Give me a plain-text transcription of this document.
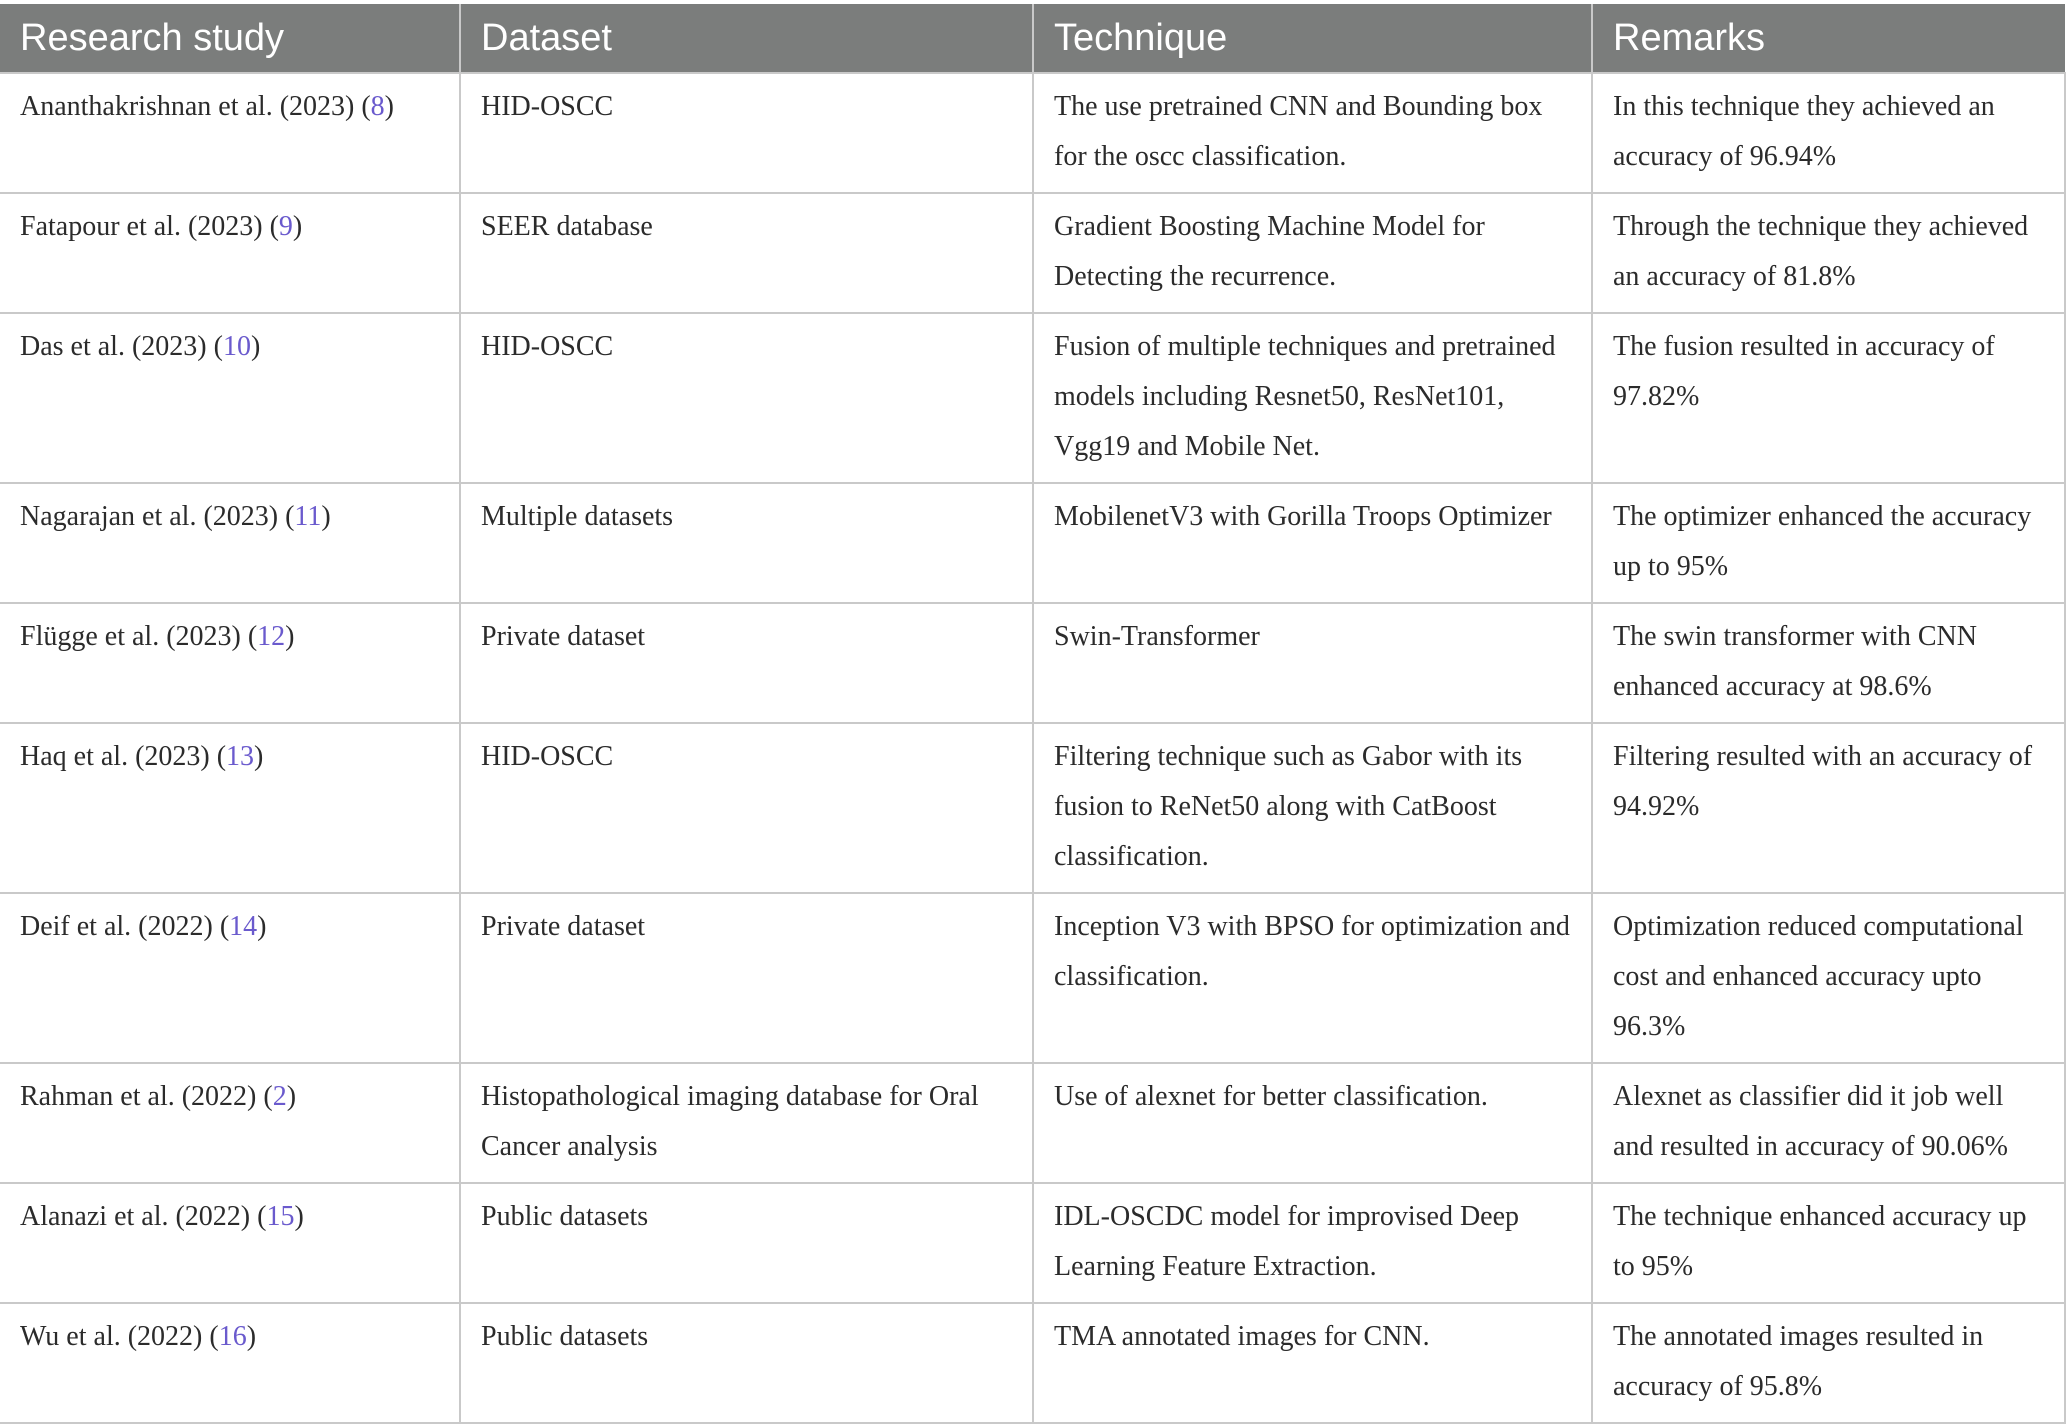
Research study	Dataset	Technique	Remarks
Ananthakrishnan et al. (2023) (8)	HID-OSCC	The use pretrained CNN and Bounding box for the oscc classification.	In this technique they achieved an accuracy of 96.94%
Fatapour et al. (2023) (9)	SEER database	Gradient Boosting Machine Model for Detecting the recurrence.	Through the technique they achieved an accuracy of 81.8%
Das et al. (2023) (10)	HID-OSCC	Fusion of multiple techniques and pretrained models including Resnet50, ResNet101, Vgg19 and Mobile Net.	The fusion resulted in accuracy of 97.82%
Nagarajan et al. (2023) (11)	Multiple datasets	MobilenetV3 with Gorilla Troops Optimizer	The optimizer enhanced the accuracy up to 95%
Flügge et al. (2023) (12)	Private dataset	Swin-Transformer	The swin transformer with CNN enhanced accuracy at 98.6%
Haq et al. (2023) (13)	HID-OSCC	Filtering technique such as Gabor with its fusion to ReNet50 along with CatBoost classification.	Filtering resulted with an accuracy of 94.92%
Deif et al. (2022) (14)	Private dataset	Inception V3 with BPSO for optimization and classification.	Optimization reduced computational cost and enhanced accuracy upto 96.3%
Rahman et al. (2022) (2)	Histopathological imaging database for Oral Cancer analysis	Use of alexnet for better classification.	Alexnet as classifier did it job well and resulted in accuracy of 90.06%
Alanazi et al. (2022) (15)	Public datasets	IDL-OSCDC model for improvised Deep Learning Feature Extraction.	The technique enhanced accuracy up to 95%
Wu et al. (2022) (16)	Public datasets	TMA annotated images for CNN.	The annotated images resulted in accuracy of 95.8%
